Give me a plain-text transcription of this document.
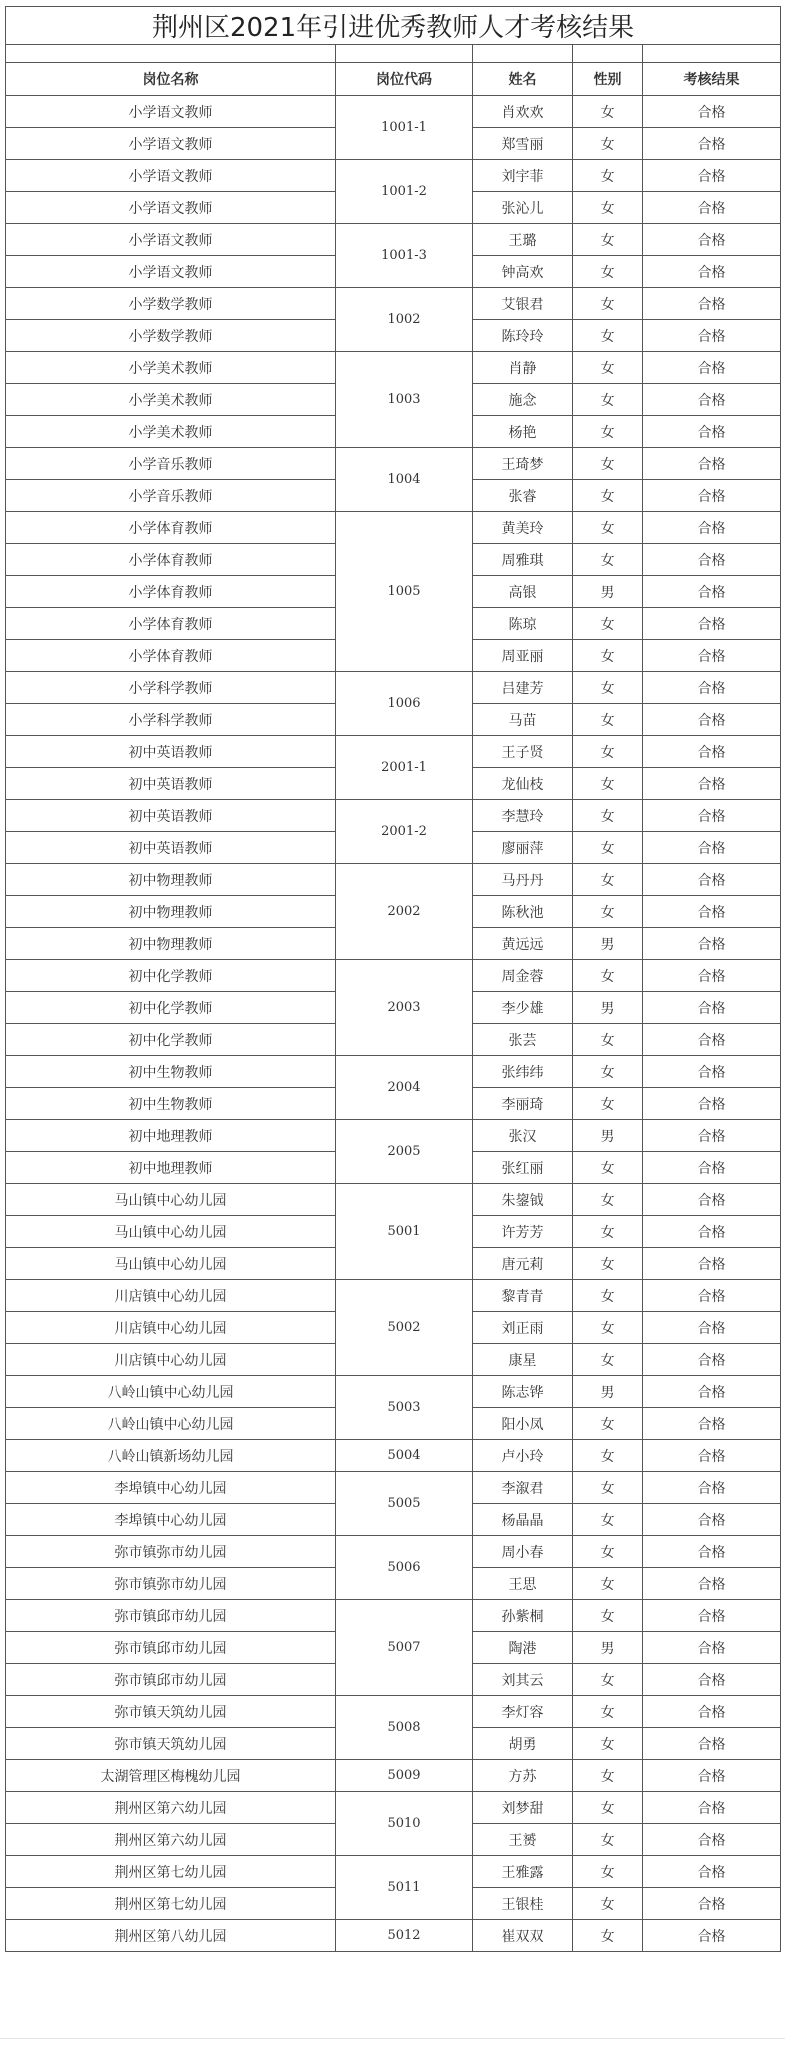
荆州区2021年引进优秀教师人才考核结果				

岗位名称	岗位代码	姓名	性别	考核结果
小学语文教师	1001-1	肖欢欢	女	合格
小学语文教师		郑雪丽	女	合格
小学语文教师	1001-2	刘宇菲	女	合格
小学语文教师		张沁儿	女	合格
小学语文教师	1001-3	王璐	女	合格
小学语文教师		钟高欢	女	合格
小学数学教师	1002	艾银君	女	合格
小学数学教师		陈玲玲	女	合格
小学美术教师	1003	肖静	女	合格
小学美术教师		施念	女	合格
小学美术教师		杨艳	女	合格
小学音乐教师	1004	王琦梦	女	合格
小学音乐教师		张睿	女	合格
小学体育教师	1005	黄美玲	女	合格
小学体育教师		周雅琪	女	合格
小学体育教师		高银	男	合格
小学体育教师		陈琼	女	合格
小学体育教师		周亚丽	女	合格
小学科学教师	1006	吕建芳	女	合格
小学科学教师		马苗	女	合格
初中英语教师	2001-1	王子贤	女	合格
初中英语教师		龙仙枝	女	合格
初中英语教师	2001-2	李慧玲	女	合格
初中英语教师		廖丽萍	女	合格
初中物理教师	2002	马丹丹	女	合格
初中物理教师		陈秋池	女	合格
初中物理教师		黄远远	男	合格
初中化学教师	2003	周金蓉	女	合格
初中化学教师		李少雄	男	合格
初中化学教师		张芸	女	合格
初中生物教师	2004	张纬纬	女	合格
初中生物教师		李丽琦	女	合格
初中地理教师	2005	张汉	男	合格
初中地理教师		张红丽	女	合格
马山镇中心幼儿园	5001	朱鋆钺	女	合格
马山镇中心幼儿园		许芳芳	女	合格
马山镇中心幼儿园		唐元莉	女	合格
川店镇中心幼儿园	5002	黎青青	女	合格
川店镇中心幼儿园		刘正雨	女	合格
川店镇中心幼儿园		康星	女	合格
八岭山镇中心幼儿园	5003	陈志铧	男	合格
八岭山镇中心幼儿园		阳小凤	女	合格
八岭山镇新场幼儿园	5004	卢小玲	女	合格
李埠镇中心幼儿园	5005	李溆君	女	合格
李埠镇中心幼儿园		杨晶晶	女	合格
弥市镇弥市幼儿园	5006	周小春	女	合格
弥市镇弥市幼儿园		王思	女	合格
弥市镇邱市幼儿园	5007	孙紫桐	女	合格
弥市镇邱市幼儿园		陶港	男	合格
弥市镇邱市幼儿园		刘其云	女	合格
弥市镇天筑幼儿园	5008	李灯容	女	合格
弥市镇天筑幼儿园		胡勇	女	合格
太湖管理区梅槐幼儿园	5009	方苏	女	合格
荆州区第六幼儿园	5010	刘梦甜	女	合格
荆州区第六幼儿园		王赟	女	合格
荆州区第七幼儿园	5011	王雅露	女	合格
荆州区第七幼儿园		王银桂	女	合格
荆州区第八幼儿园	5012	崔双双	女	合格
